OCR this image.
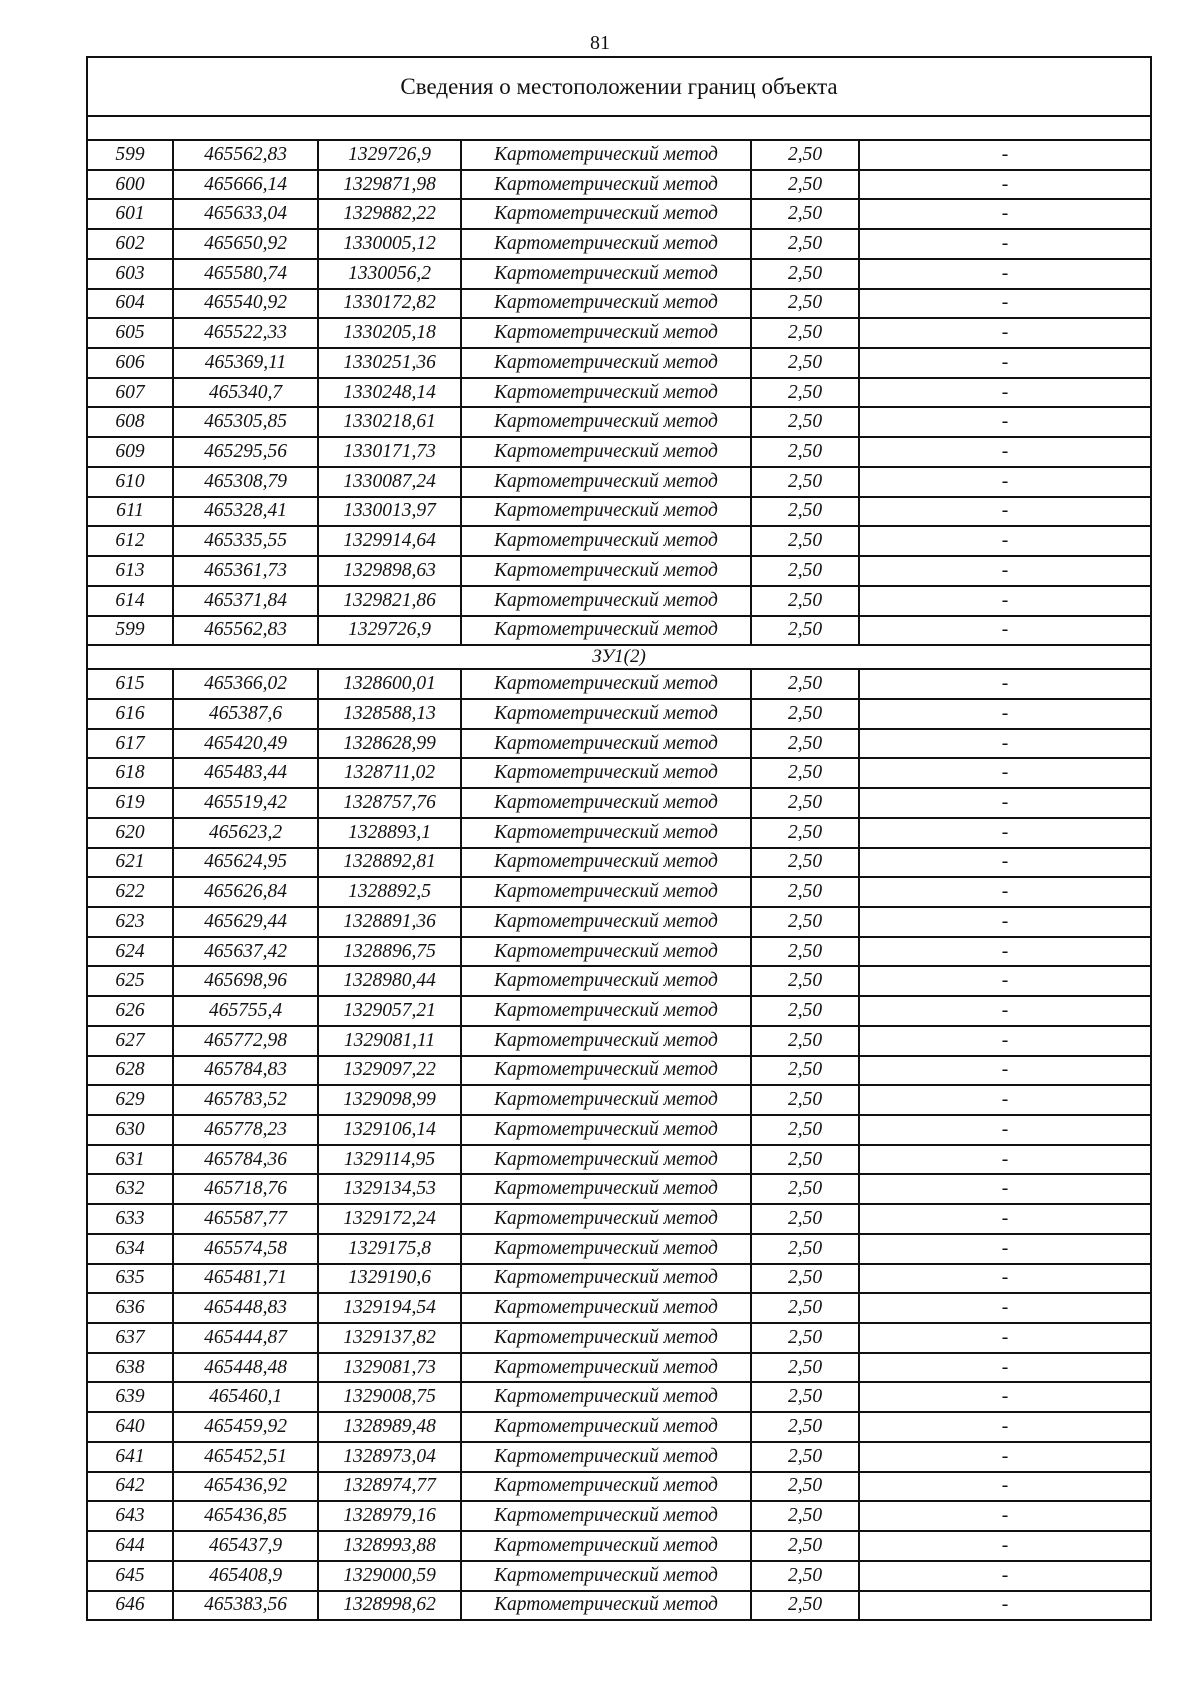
81
Сведения о местоположении границ объекта					

599	465562,83	1329726,9	Картометрический метод	2,50	-
600	465666,14	1329871,98	Картометрический метод	2,50	-
601	465633,04	1329882,22	Картометрический метод	2,50	-
602	465650,92	1330005,12	Картометрический метод	2,50	-
603	465580,74	1330056,2	Картометрический метод	2,50	-
604	465540,92	1330172,82	Картометрический метод	2,50	-
605	465522,33	1330205,18	Картометрический метод	2,50	-
606	465369,11	1330251,36	Картометрический метод	2,50	-
607	465340,7	1330248,14	Картометрический метод	2,50	-
608	465305,85	1330218,61	Картометрический метод	2,50	-
609	465295,56	1330171,73	Картометрический метод	2,50	-
610	465308,79	1330087,24	Картометрический метод	2,50	-
611	465328,41	1330013,97	Картометрический метод	2,50	-
612	465335,55	1329914,64	Картометрический метод	2,50	-
613	465361,73	1329898,63	Картометрический метод	2,50	-
614	465371,84	1329821,86	Картометрический метод	2,50	-
599	465562,83	1329726,9	Картометрический метод	2,50	-
ЗУ1(2)					
615	465366,02	1328600,01	Картометрический метод	2,50	-
616	465387,6	1328588,13	Картометрический метод	2,50	-
617	465420,49	1328628,99	Картометрический метод	2,50	-
618	465483,44	1328711,02	Картометрический метод	2,50	-
619	465519,42	1328757,76	Картометрический метод	2,50	-
620	465623,2	1328893,1	Картометрический метод	2,50	-
621	465624,95	1328892,81	Картометрический метод	2,50	-
622	465626,84	1328892,5	Картометрический метод	2,50	-
623	465629,44	1328891,36	Картометрический метод	2,50	-
624	465637,42	1328896,75	Картометрический метод	2,50	-
625	465698,96	1328980,44	Картометрический метод	2,50	-
626	465755,4	1329057,21	Картометрический метод	2,50	-
627	465772,98	1329081,11	Картометрический метод	2,50	-
628	465784,83	1329097,22	Картометрический метод	2,50	-
629	465783,52	1329098,99	Картометрический метод	2,50	-
630	465778,23	1329106,14	Картометрический метод	2,50	-
631	465784,36	1329114,95	Картометрический метод	2,50	-
632	465718,76	1329134,53	Картометрический метод	2,50	-
633	465587,77	1329172,24	Картометрический метод	2,50	-
634	465574,58	1329175,8	Картометрический метод	2,50	-
635	465481,71	1329190,6	Картометрический метод	2,50	-
636	465448,83	1329194,54	Картометрический метод	2,50	-
637	465444,87	1329137,82	Картометрический метод	2,50	-
638	465448,48	1329081,73	Картометрический метод	2,50	-
639	465460,1	1329008,75	Картометрический метод	2,50	-
640	465459,92	1328989,48	Картометрический метод	2,50	-
641	465452,51	1328973,04	Картометрический метод	2,50	-
642	465436,92	1328974,77	Картометрический метод	2,50	-
643	465436,85	1328979,16	Картометрический метод	2,50	-
644	465437,9	1328993,88	Картометрический метод	2,50	-
645	465408,9	1329000,59	Картометрический метод	2,50	-
646	465383,56	1328998,62	Картометрический метод	2,50	-
